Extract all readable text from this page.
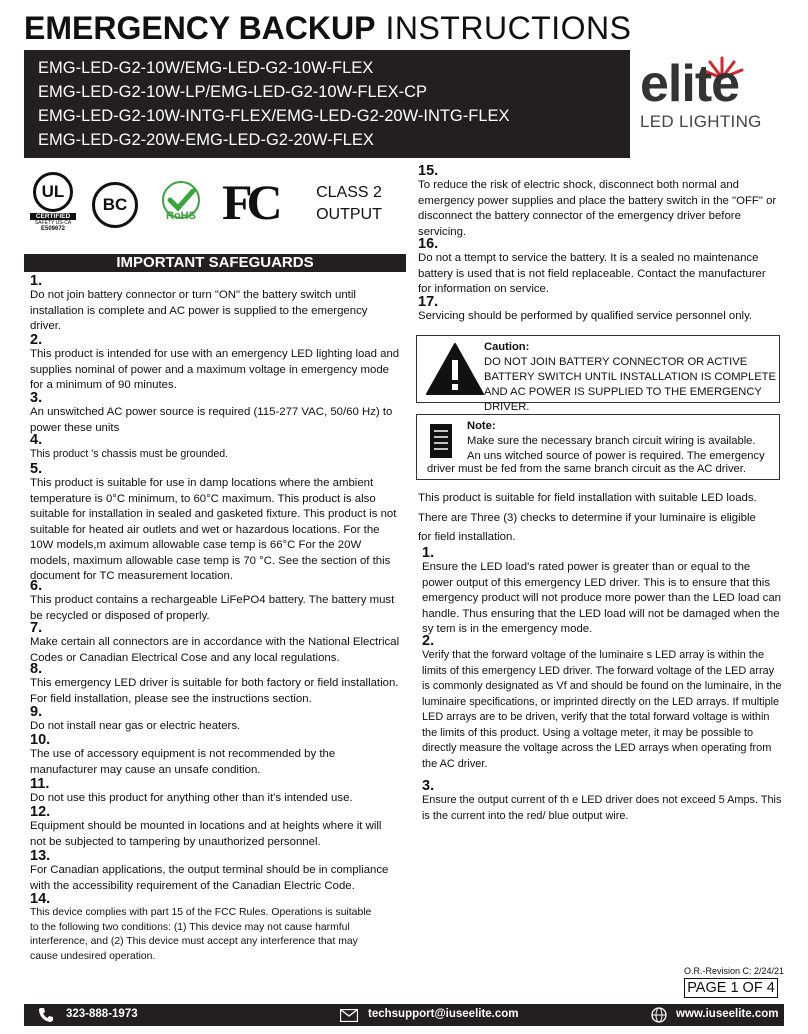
EMERGENCY BACKUP INSTRUCTIONS
EMG-LED-G2-10W/EMG-LED-G2-10W-FLEX
EMG-LED-G2-10W-LP/EMG-LED-G2-10W-FLEX-CP
EMG-LED-G2-10W-INTG-FLEX/EMG-LED-G2-20W-INTG-FLEX
EMG-LED-G2-20W-EMG-LED-G2-20W-FLEX
elite
LED LIGHTING
UL
CERTIFIED
SAFETY US-CA
E509672
BC
RoHS FC CLASS 2
OUTPUT
IMPORTANT SAFEGUARDS
1.
Do not join battery connector or turn "ON" the battery switch until installation is complete and AC power is supplied to the emergency driver.
2.
This product is intended for use with an emergency LED lighting load and supplies nominal of power and a maximum voltage in emergency mode for a minimum of 90 minutes.
3.
An unswitched AC power source is required (115-277 VAC, 50/60 Hz) to power these units
4.
This product 's chassis must be grounded.
5.
This product is suitable for use in damp locations where the ambient temperature is 0°C minimum, to 60°C maximum. This product is also suitable for installation in sealed and gasketed fixture. This product is not suitable for heated air outlets and wet or hazardous locations. For the 10W models,m aximum allowable case temp is 66°C For the 20W models, maximum allowable case temp is 70 °C. See the section of this document for TC measurement location.
6.
This product contains a rechargeable LiFePO4 battery. The battery must be recycled or disposed of properly.
7.
Make certain all connectors are in accordance with the National Electrical Codes or Canadian Electrical Cose and any local regulations.
8.
This emergency LED driver is suitable for both factory or field installation. For field installation, please see the instructions section.
9.
Do not install near gas or electric heaters.
10.
The use of accessory equipment is not recommended by the manufacturer may cause an unsafe condition.
11.
Do not use this product for anything other than it's intended use.
12.
Equipment should be mounted in locations and at heights where it will not be subjected to tampering by unauthorized personnel.
13.
For Canadian applications, the output terminal should be in compliance with the accessibility requirement of the Canadian Electric Code.
14.
This device complies with part 15 of the FCC Rules. Operations is suitable to the following two conditions: (1) This device may not cause harmful interference, and (2) This device must accept any interference that may cause undesired operation.
15.
To reduce the risk of electric shock, disconnect both normal and emergency power supplies and place the battery switch in the "OFF" or disconnect the battery connector of the emergency driver before servicing.
16.
Do not a ttempt to service the battery. It is a sealed no maintenance battery is used that is not field replaceable. Contact the manufacturer for information on service.
17.
Servicing should be performed by qualified service personnel only.
Caution:
DO NOT JOIN BATTERY CONNECTOR OR ACTIVE BATTERY SWITCH UNTIL INSTALLATION IS COMPLETE AND AC POWER IS SUPPLIED TO THE EMERGENCY DRIVER.
Note:
Make sure the necessary branch circuit wiring is available.
An uns witched source of power is required. The emergency
driver must be fed from the same branch circuit as the AC driver.
This product is suitable for field installation with suitable LED loads.
There are Three (3) checks to determine if your luminaire is eligible
for field installation.
1.
Ensure the LED load's rated power is greater than or equal to the power output of this emergency LED driver. This is to ensure that this emergency product will not produce more power than the LED load can handle. Thus ensuring that the LED load will not be damaged when the sy tem is in the emergency mode.
2.
Verify that the forward voltage of the luminaire s LED array is within the limits of this emergency LED driver. The forward voltage of the LED array is commonly designated as Vf and should be found on the luminaire, in the luminaire specifications, or imprinted directly on the LED arrays. If multiple LED arrays are to be driven, verify that the total forward voltage is within the limits of this product. Using a voltage meter, it may be possible to directly measure the voltage across the LED arrays when operating from the AC driver.
3.
Ensure the output current of th e LED driver does not exceed 5 Amps. This is the current into the red/ blue output wire.
O.R.-Revision C: 2/24/21
PAGE 1 OF 4
323-888-1973	techsupport@iuseelite.com	www.iuseelite.com
